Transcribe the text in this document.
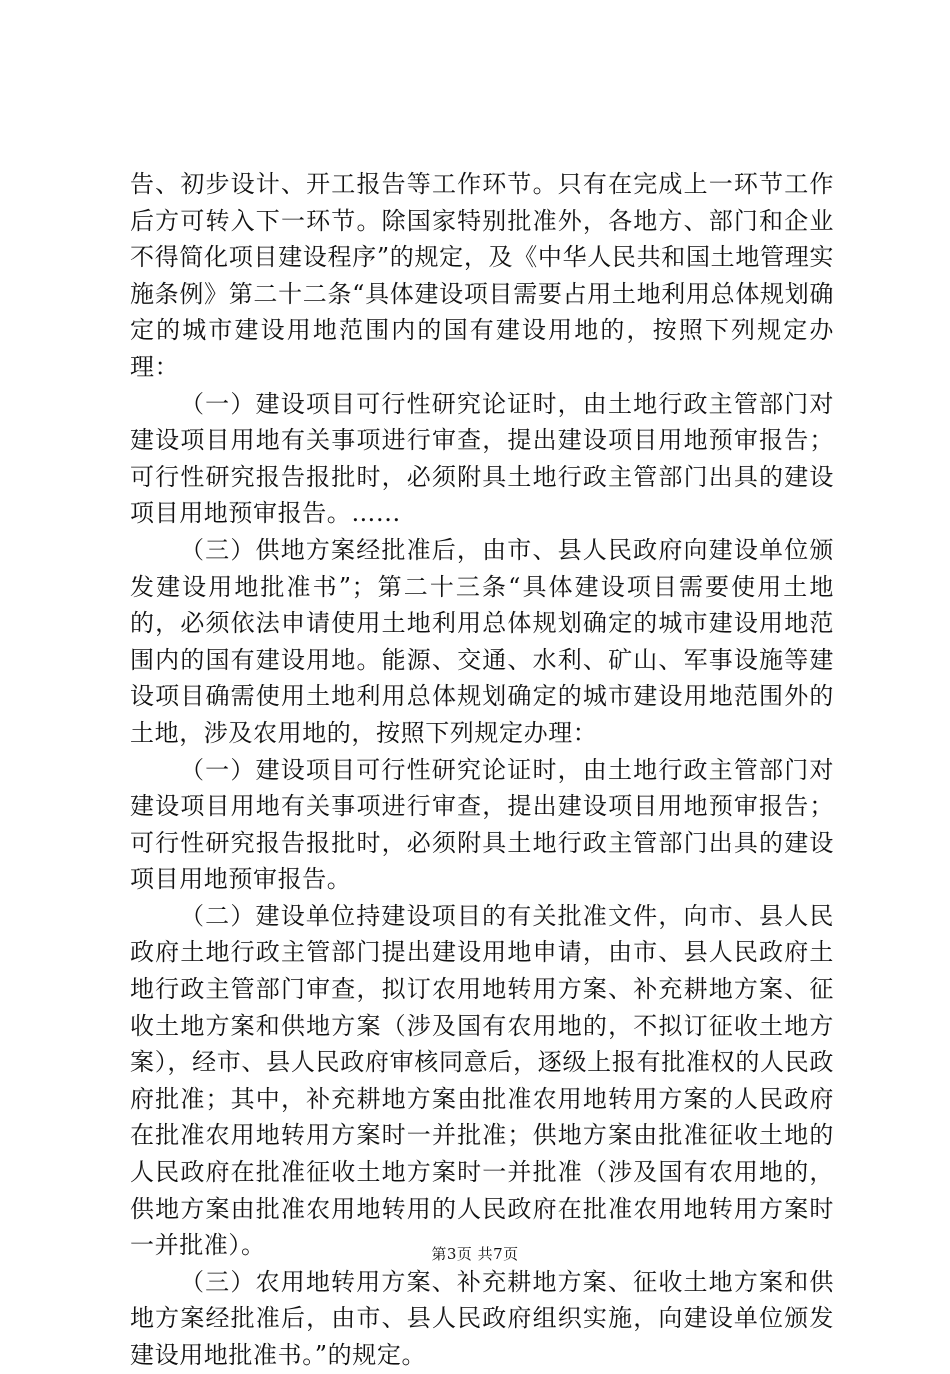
告、初步设计、开工报告等工作环节。只有在完成上一环节工作后方可转入下一环节。除国家特别批准外，各地方、部门和企业不得简化项目建设程序”的规定，及《中华人民共和国土地管理实施条例》第二十二条“具体建设项目需要占用土地利用总体规划确定的城市建设用地范围内的国有建设用地的，按照下列规定办理：

（一）建设项目可行性研究论证时，由土地行政主管部门对建设项目用地有关事项进行审查，提出建设项目用地预审报告；可行性研究报告报批时，必须附具土地行政主管部门出具的建设项目用地预审报告。…...

（三）供地方案经批准后，由市、县人民政府向建设单位颁发建设用地批准书”；第二十三条“具体建设项目需要使用土地的，必须依法申请使用土地利用总体规划确定的城市建设用地范围内的国有建设用地。能源、交通、水利、矿山、军事设施等建设项目确需使用土地利用总体规划确定的城市建设用地范围外的土地，涉及农用地的，按照下列规定办理：

（一）建设项目可行性研究论证时，由土地行政主管部门对建设项目用地有关事项进行审查，提出建设项目用地预审报告；可行性研究报告报批时，必须附具土地行政主管部门出具的建设项目用地预审报告。

（二）建设单位持建设项目的有关批准文件，向市、县人民政府土地行政主管部门提出建设用地申请，由市、县人民政府土地行政主管部门审查，拟订农用地转用方案、补充耕地方案、征收土地方案和供地方案（涉及国有农用地的，不拟订征收土地方案），经市、县人民政府审核同意后，逐级上报有批准权的人民政府批准；其中，补充耕地方案由批准农用地转用方案的人民政府在批准农用地转用方案时一并批准；供地方案由批准征收土地的人民政府在批准征收土地方案时一并批准（涉及国有农用地的，供地方案由批准农用地转用的人民政府在批准农用地转用方案时一并批准）。

（三）农用地转用方案、补充耕地方案、征收土地方案和供地方案经批准后，由市、县人民政府组织实施，向建设单位颁发建设用地批准书。”的规定。

第3页 共7页
